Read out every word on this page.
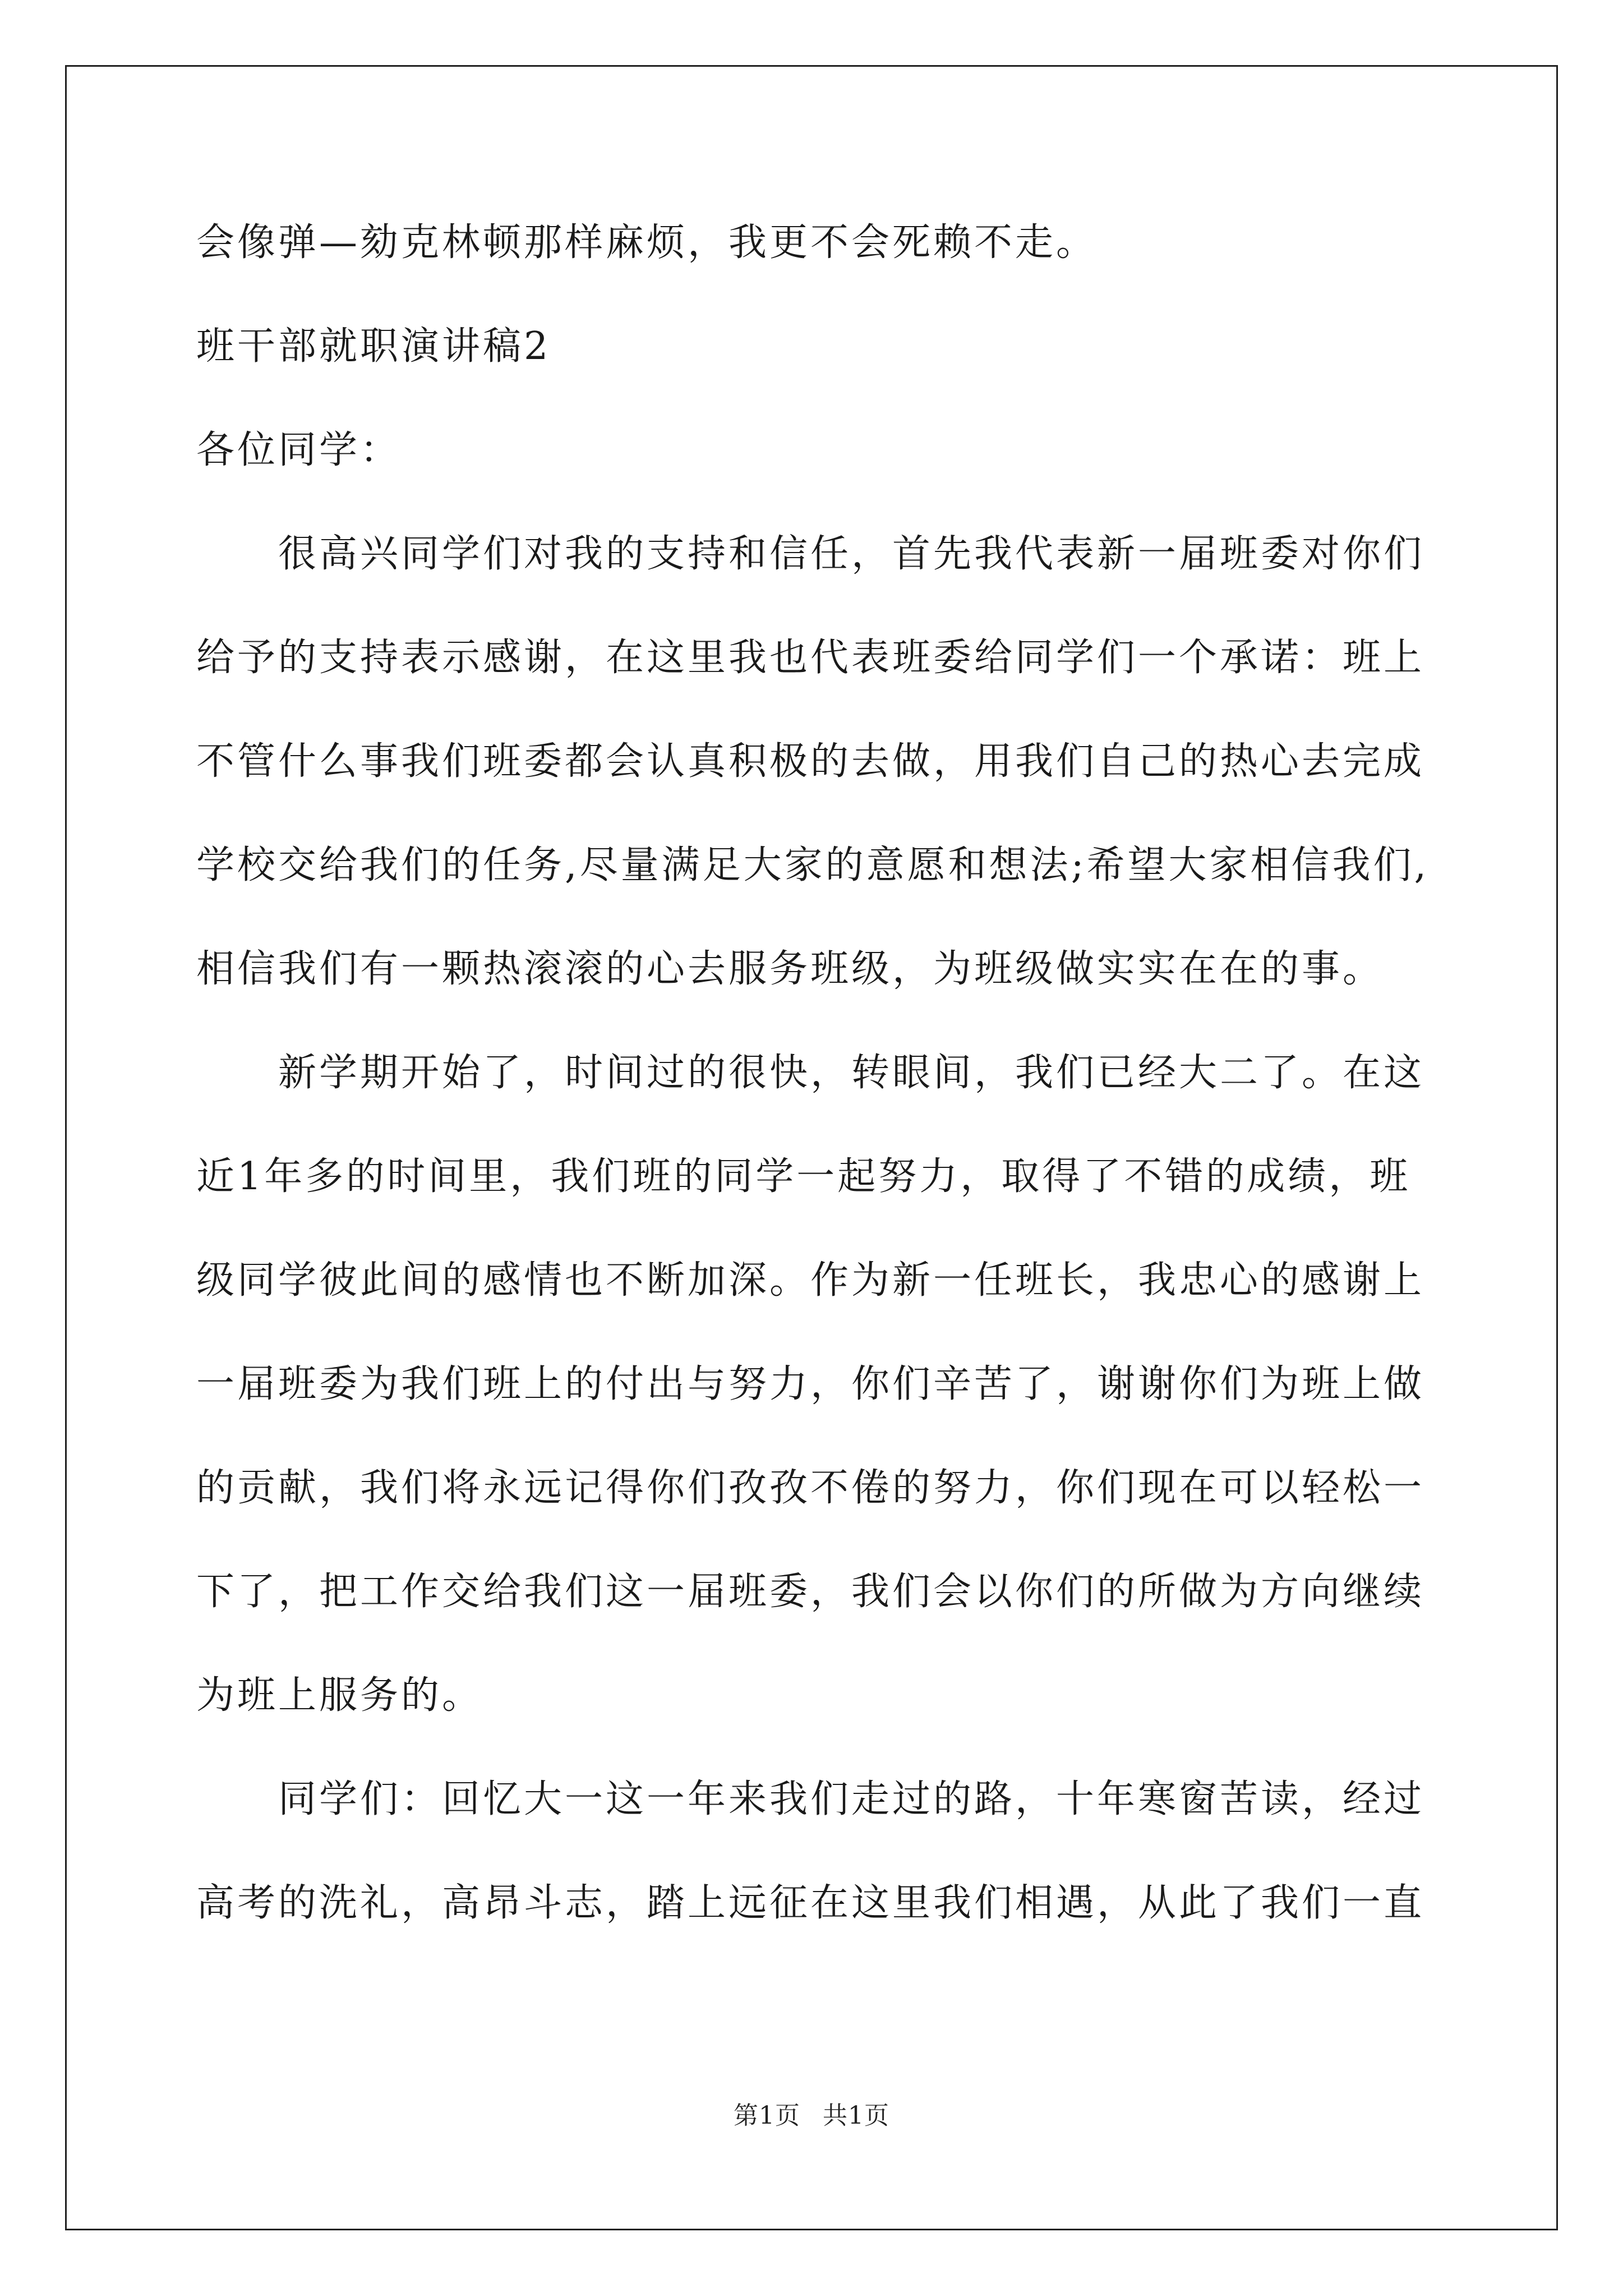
会像弹—劾克林顿那样麻烦，我更不会死赖不走。
班干部就职演讲稿2
各位同学：
很高兴同学们对我的支持和信任，首先我代表新一届班委对你们
给予的支持表示感谢，在这里我也代表班委给同学们一个承诺：班上
不管什么事我们班委都会认真积极的去做，用我们自己的热心去完成
学校交给我们的任务,尽量满足大家的意愿和想法;希望大家相信我们,
相信我们有一颗热滚滚的心去服务班级，为班级做实实在在的事。
新学期开始了，时间过的很快，转眼间，我们已经大二了。在这
近1年多的时间里，我们班的同学一起努力，取得了不错的成绩，班
级同学彼此间的感情也不断加深。作为新一任班长，我忠心的感谢上
一届班委为我们班上的付出与努力，你们辛苦了，谢谢你们为班上做
的贡献，我们将永远记得你们孜孜不倦的努力，你们现在可以轻松一
下了，把工作交给我们这一届班委，我们会以你们的所做为方向继续
为班上服务的。
同学们：回忆大一这一年来我们走过的路，十年寒窗苦读，经过
高考的洗礼，高昂斗志，踏上远征在这里我们相遇，从此了我们一直
第1页 共1页
